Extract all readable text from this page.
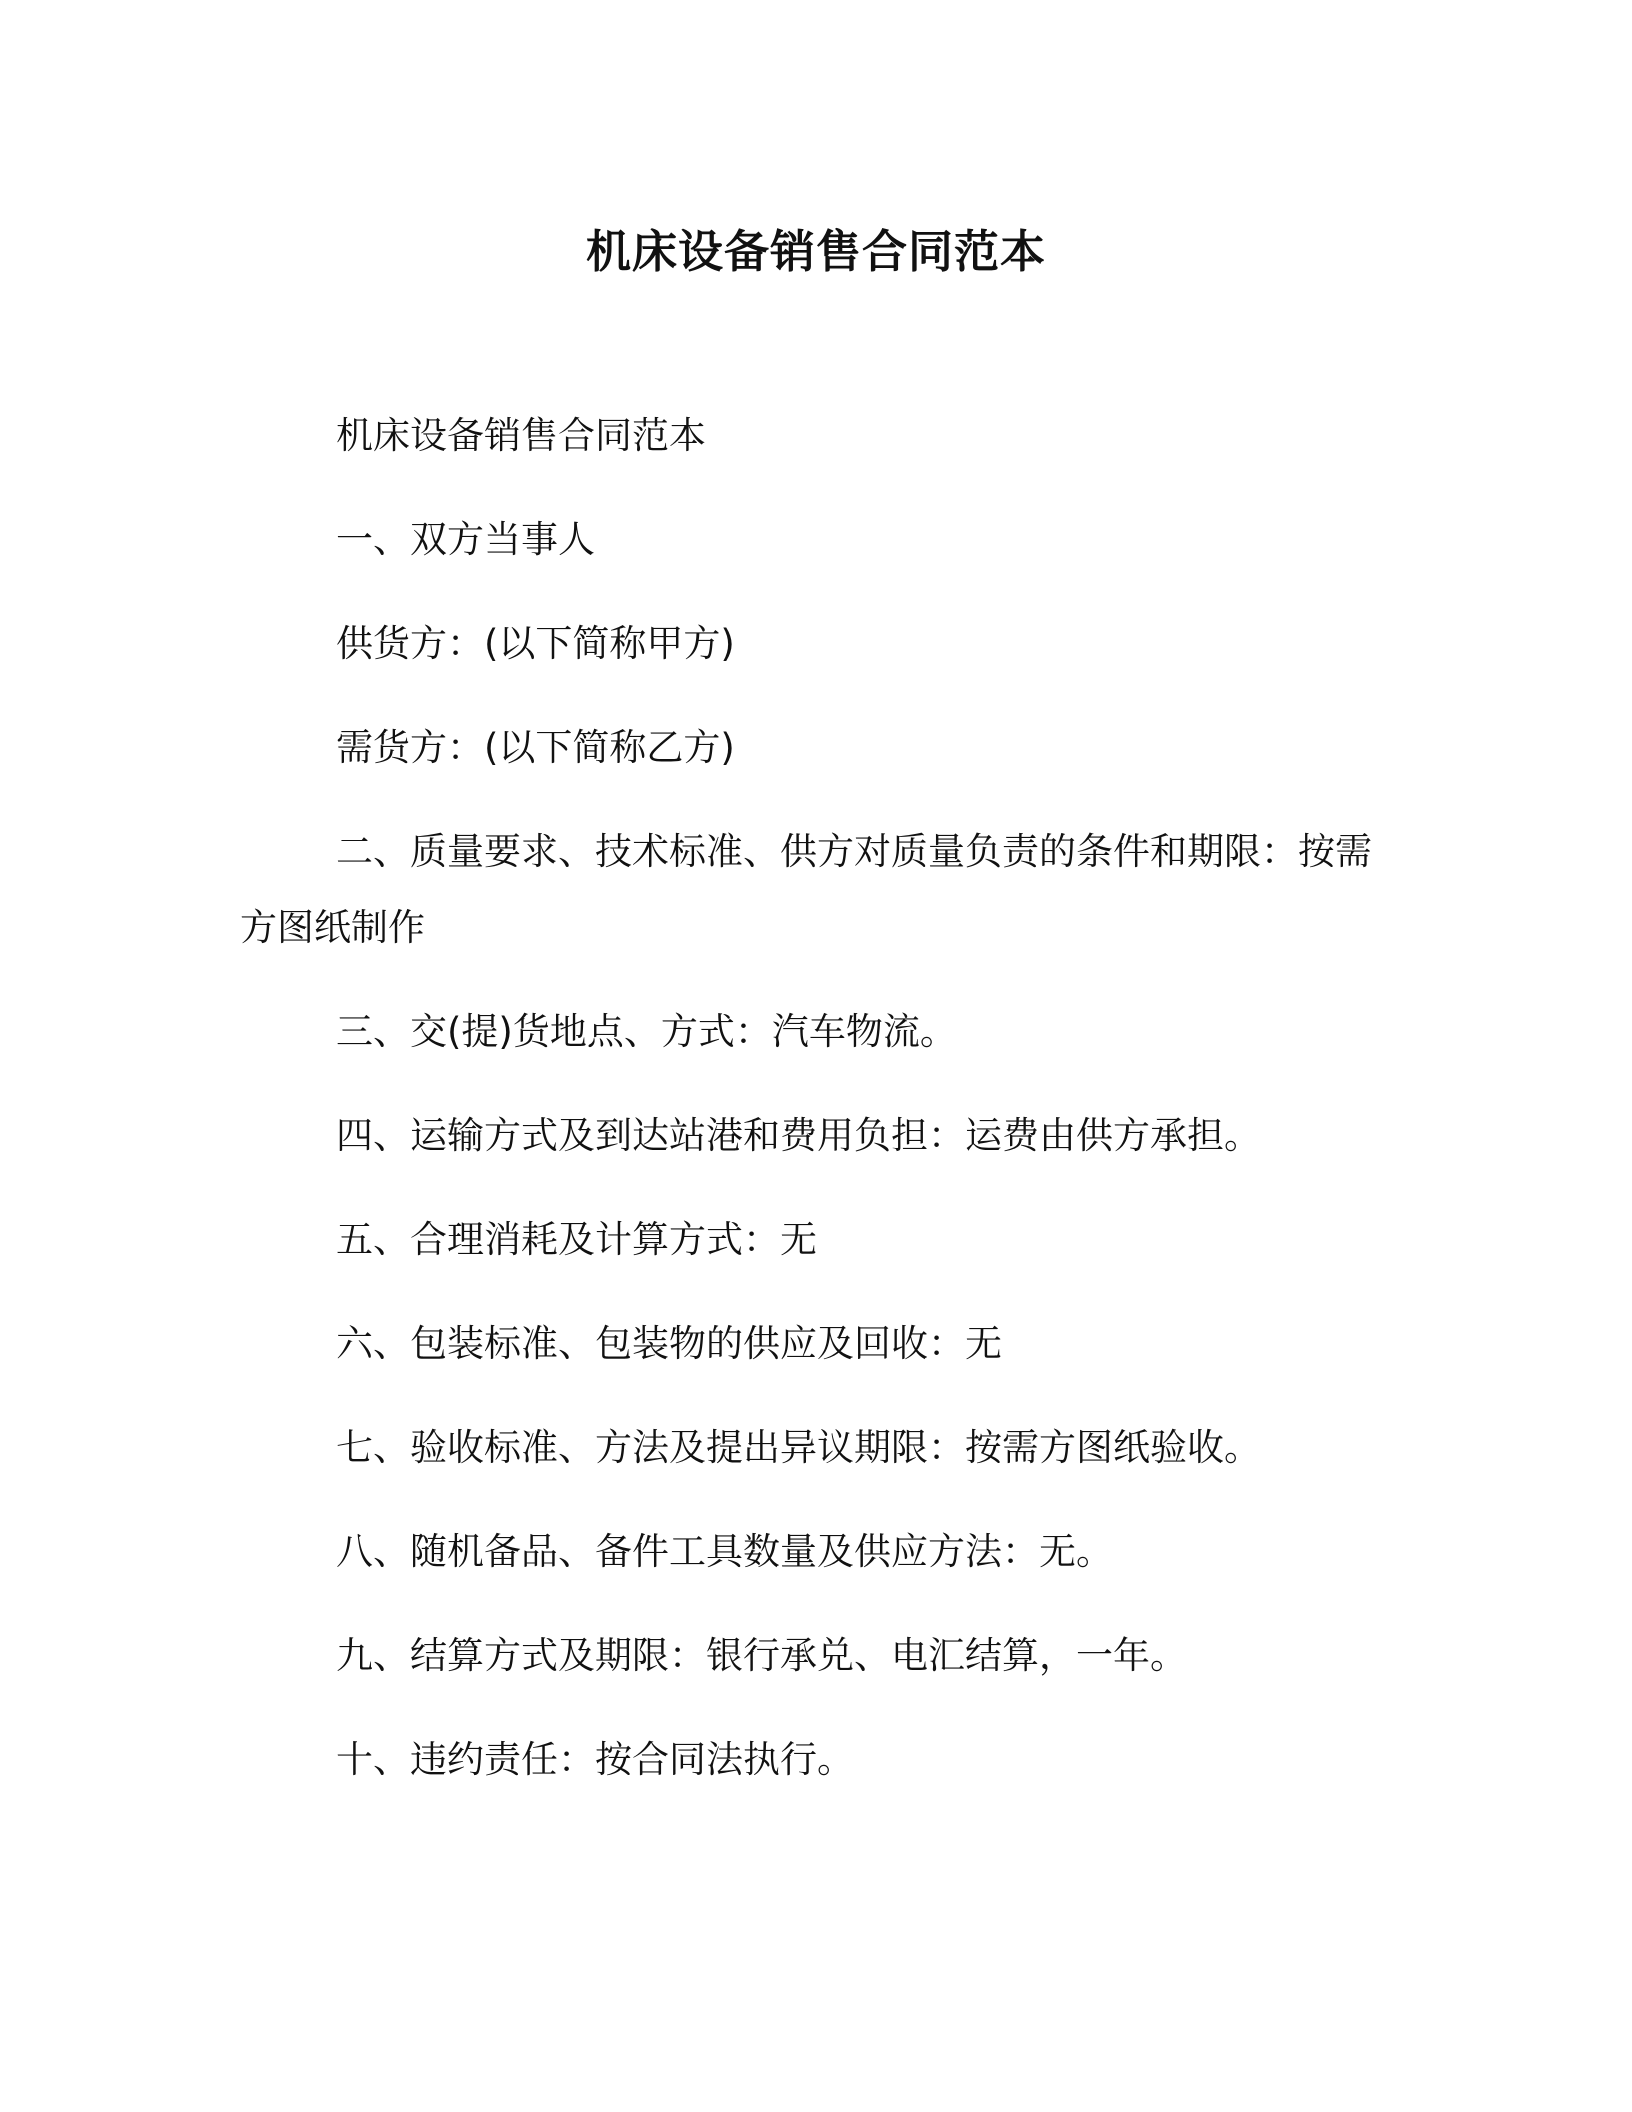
机床设备销售合同范本

机床设备销售合同范本

一、双方当事人

供货方：(以下简称甲方)

需货方：(以下简称乙方)

二、质量要求、技术标准、供方对质量负责的条件和期限：按需方图纸制作

三、交(提)货地点、方式：汽车物流。

四、运输方式及到达站港和费用负担：运费由供方承担。

五、合理消耗及计算方式：无

六、包装标准、包装物的供应及回收：无

七、验收标准、方法及提出异议期限：按需方图纸验收。

八、随机备品、备件工具数量及供应方法：无。

九、结算方式及期限：银行承兑、电汇结算，一年。

十、违约责任：按合同法执行。
